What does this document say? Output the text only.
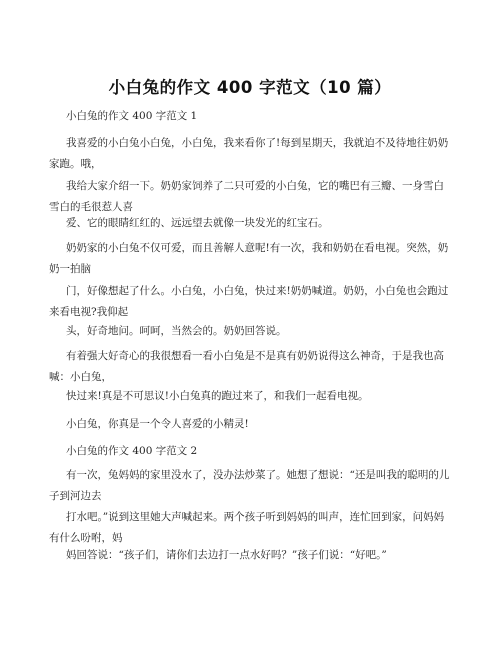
小白兔的作文 400 字范文（10 篇）
小白兔的作文 400 字范文 1
我喜爱的小白兔小白兔，小白兔，我来看你了!每到星期天，我就迫不及待地往奶奶家跑。哦，
我给大家介绍一下。奶奶家饲养了二只可爱的小白兔，它的嘴巴有三瓣、一身雪白雪白的毛很惹人喜
爱、它的眼睛红红的、远远望去就像一块发光的红宝石。
奶奶家的小白兔不仅可爱，而且善解人意呢!有一次，我和奶奶在看电视。突然，奶奶一拍脑
门，好像想起了什么。小白兔，小白兔，快过来!奶奶喊道。奶奶，小白兔也会跑过来看电视?我仰起
头，好奇地问。呵呵，当然会的。奶奶回答说。
有着强大好奇心的我很想看一看小白兔是不是真有奶奶说得这么神奇，于是我也高喊：小白兔，
快过来!真是不可思议!小白兔真的跑过来了，和我们一起看电视。
小白兔，你真是一个令人喜爱的小精灵!
小白兔的作文 400 字范文 2
有一次，兔妈妈的家里没水了，没办法炒菜了。她想了想说：“还是叫我的聪明的儿子到河边去
打水吧。”说到这里她大声喊起来。两个孩子听到妈妈的叫声，连忙回到家，问妈妈有什么吩咐，妈
妈回答说：“孩子们，请你们去边打一点水好吗？”孩子们说：“好吧。”
